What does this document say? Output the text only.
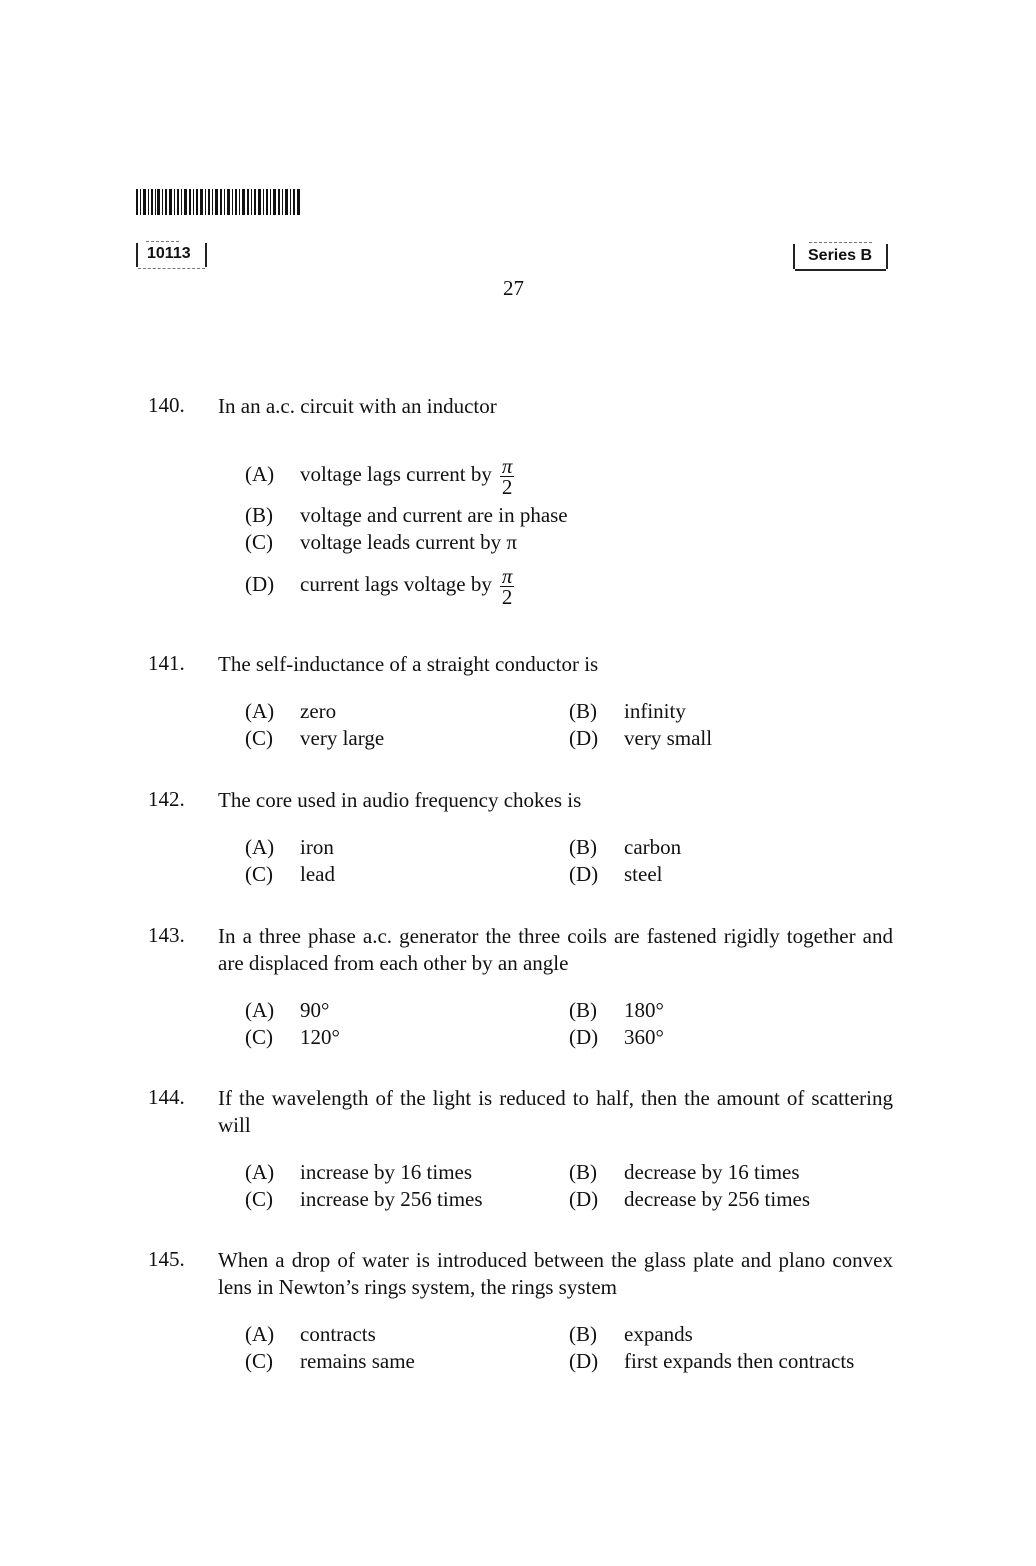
10113	Series B
27
140. In an a.c. circuit with an inductor
(A)	voltage lags current by $\frac{\pi}{2}$
(B)	voltage and current are in phase
(C)	voltage leads current by π
(D)	current lags voltage by $\frac{\pi}{2}$
141. The self-inductance of a straight conductor is
(A)	zero	(B)	infinity
(C)	very large	(D)	very small
142. The core used in audio frequency chokes is
(A)	iron	(B)	carbon
(C)	lead	(D)	steel
143. In a three phase a.c. generator the three coils are fastened rigidly together and are displaced from each other by an angle
(A)	90°	(B)	180°
(C)	120°	(D)	360°
144. If the wavelength of the light is reduced to half, then the amount of scattering will
(A)	increase by 16 times	(B)	decrease by 16 times
(C)	increase by 256 times	(D)	decrease by 256 times
145. When a drop of water is introduced between the glass plate and plano convex lens in Newton’s rings system, the rings system
(A)	contracts	(B)	expands
(C)	remains same	(D)	first expands then contracts
